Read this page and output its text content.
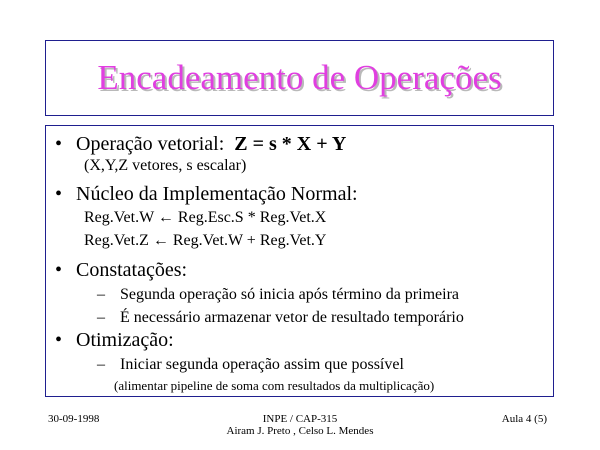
Encadeamento de Operações
• Operação vetorial: Z = s * X + Y
(X,Y,Z vetores, s escalar)
• Núcleo da Implementação Normal:
Reg.Vet.W ← Reg.Esc.S * Reg.Vet.X
Reg.Vet.Z ← Reg.Vet.W + Reg.Vet.Y
• Constatações:
– Segunda operação só inicia após término da primeira
– É necessário armazenar vetor de resultado temporário
• Otimização:
– Iniciar segunda operação assim que possível
(alimentar pipeline de soma com resultados da multiplicação)
30-09-1998	INPE / CAP-315
Airam J. Preto , Celso L. Mendes
Aula 4 (5)
